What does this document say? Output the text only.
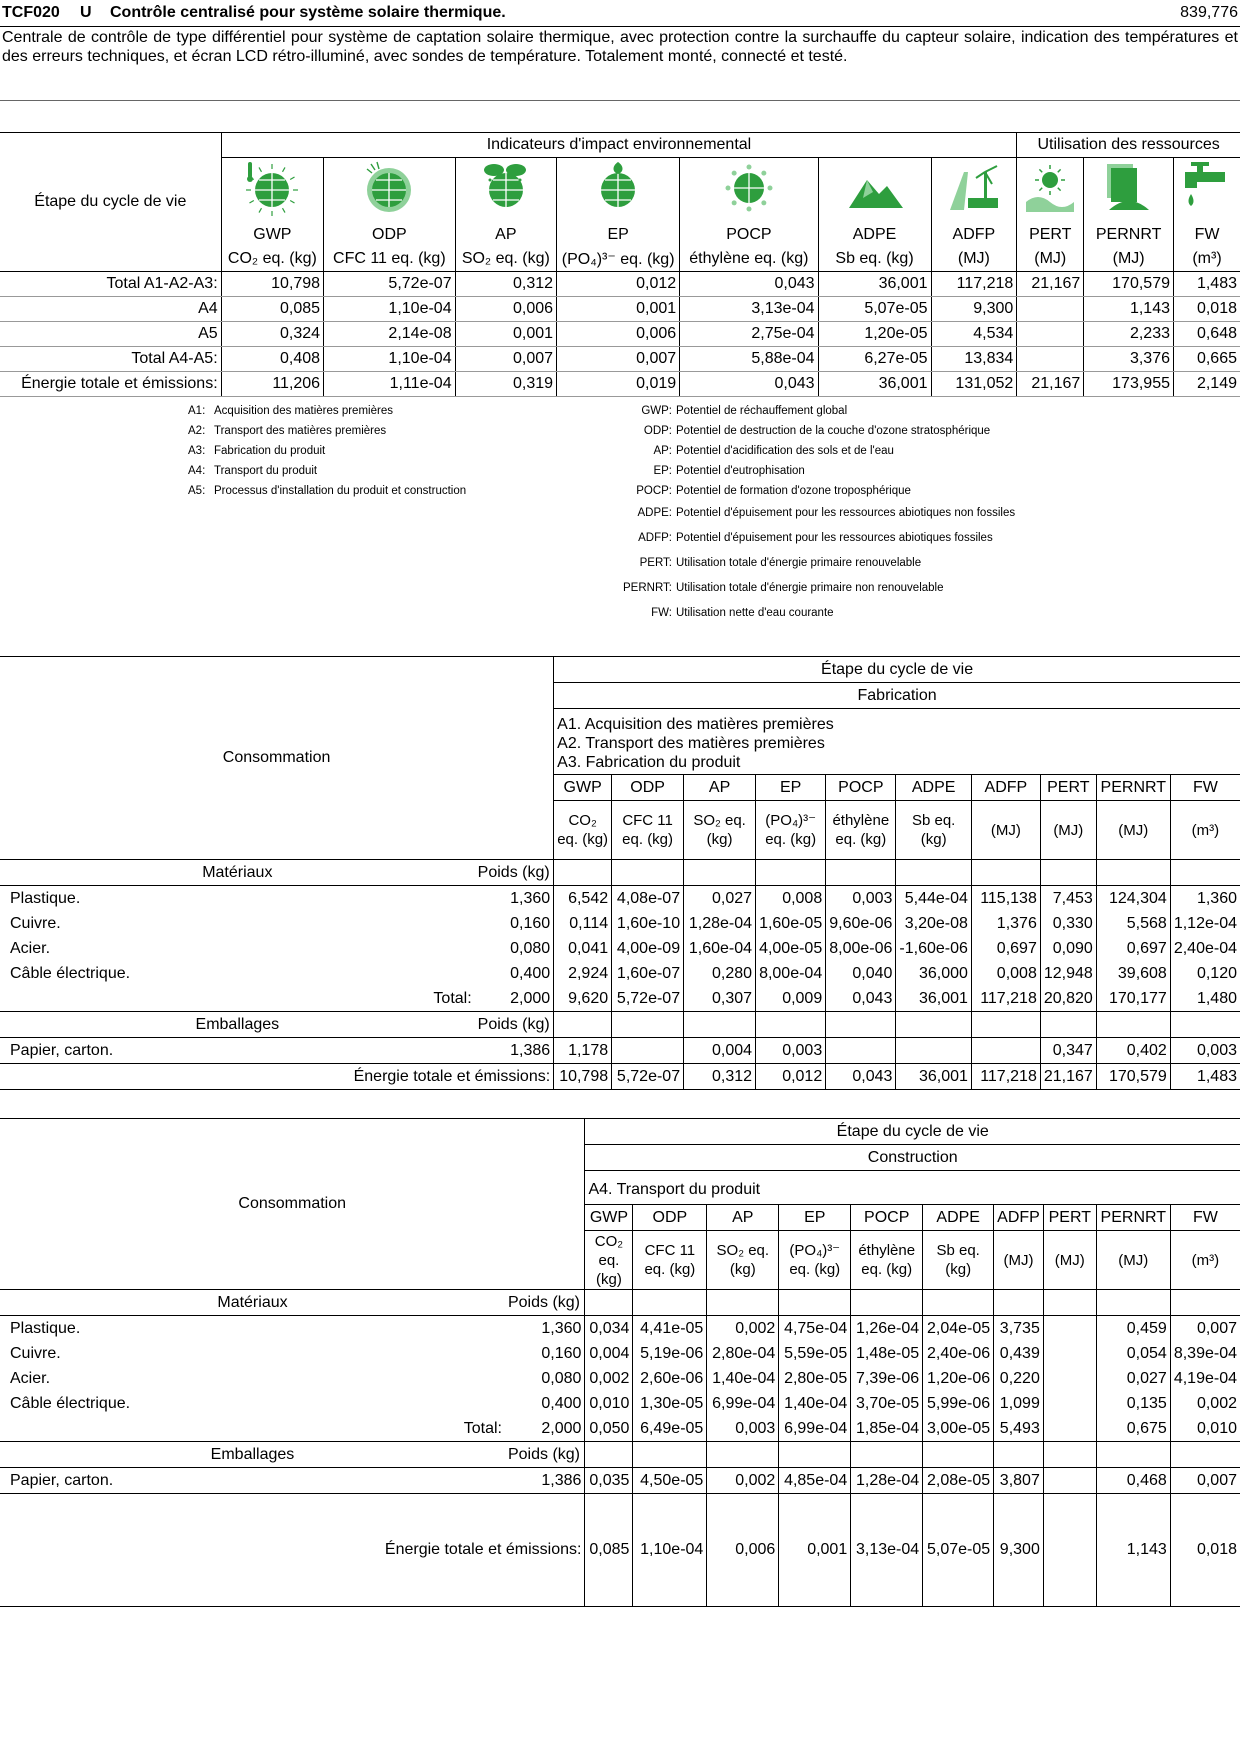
TCF020 U Contrôle centralisé pour système solaire thermique.	839,776
Centrale de contrôle de type différentiel pour système de captation solaire thermique, avec protection contre la surchauffe du capteur solaire, indication des températures et des erreurs techniques, et écran LCD rétro-illuminé, avec sondes de température. Totalement monté, connecté et testé.
Étape du cycle de vie	Indicateurs d'impact environnemental							Utilisation des ressources		

	GWP	ODP	AP	EP	POCP	ADPE	ADFP	PERT	PERNRT	FW
	CO₂ eq. (kg)	CFC 11 eq. (kg)	SO₂ eq. (kg)	(PO₄)³⁻ eq. (kg)	éthylène eq. (kg)	Sb eq. (kg)	(MJ)	(MJ)	(MJ)	(m³)
Total A1-A2-A3:	10,798	5,72e-07	0,312	0,012	0,043	36,001	117,218	21,167	170,579	1,483
A4	0,085	1,10e-04	0,006	0,001	3,13e-04	5,07e-05	9,300		1,143	0,018
A5	0,324	2,14e-08	0,001	0,006	2,75e-04	1,20e-05	4,534		2,233	0,648
Total A4-A5:	0,408	1,10e-04	0,007	0,007	5,88e-04	6,27e-05	13,834		3,376	0,665
Énergie totale et émissions:	11,206	1,11e-04	0,319	0,019	0,043	36,001	131,052	21,167	173,955	2,149
A1: Acquisition des matières premières
A2: Transport des matières premières
A3: Fabrication du produit
A4: Transport du produit
A5: Processus d'installation du produit et construction
GWP: Potentiel de réchauffement global
ODP: Potentiel de destruction de la couche d'ozone stratosphérique
AP: Potentiel d'acidification des sols et de l'eau
EP: Potentiel d'eutrophisation
POCP: Potentiel de formation d'ozone troposphérique
ADPE: Potentiel d'épuisement pour les ressources abiotiques non fossiles
ADFP: Potentiel d'épuisement pour les ressources abiotiques fossiles
PERT: Utilisation totale d'énergie primaire renouvelable
PERNRT: Utilisation totale d'énergie primaire non renouvelable
FW: Utilisation nette d'eau courante
Consommation		Étape du cycle de vie									
		Fabrication									

		A1. Acquisition des matières premières
A2. Transport des matières premières
A3. Fabrication du produit									

		GWP	ODP	AP	EP	POCP	ADPE	ADFP	PERT	PERNRT	FW
		CO₂ eq. (kg)	CFC 11 eq. (kg)	SO₂ eq. (kg)	(PO₄)³⁻ eq. (kg)	éthylène eq. (kg)	Sb eq. (kg)	(MJ)	(MJ)	(MJ)	(m³)
Matériaux	Poids (kg)										
Plastique.	1,360	6,542	4,08e-07	0,027	0,008	0,003	5,44e-04	115,138	7,453	124,304	1,360
Cuivre.	0,160	0,114	1,60e-10	1,28e-04	1,60e-05	9,60e-06	3,20e-08	1,376	0,330	5,568	1,12e-04
Acier.	0,080	0,041	4,00e-09	1,60e-04	4,00e-05	8,00e-06	-1,60e-06	0,697	0,090	0,697	2,40e-04
Câble électrique.	0,400	2,924	1,60e-07	0,280	8,00e-04	0,040	36,000	0,008	12,948	39,608	0,120
Total:	2,000	9,620	5,72e-07	0,307	0,009	0,043	36,001	117,218	20,820	170,177	1,480
Emballages	Poids (kg)										
Papier, carton.	1,386	1,178		0,004	0,003				0,347	0,402	0,003
Énergie totale et émissions:		10,798	5,72e-07	0,312	0,012	0,043	36,001	117,218	21,167	170,579	1,483
Consommation		Étape du cycle de vie									
		Construction									

		A4. Transport du produit									

		GWP	ODP	AP	EP	POCP	ADPE	ADFP	PERT	PERNRT	FW
		CO₂ eq. (kg)	CFC 11 eq. (kg)	SO₂ eq. (kg)	(PO₄)³⁻ eq. (kg)	éthylène eq. (kg)	Sb eq. (kg)	(MJ)	(MJ)	(MJ)	(m³)
Matériaux	Poids (kg)										
Plastique.	1,360	0,034	4,41e-05	0,002	4,75e-04	1,26e-04	2,04e-05	3,735		0,459	0,007
Cuivre.	0,160	0,004	5,19e-06	2,80e-04	5,59e-05	1,48e-05	2,40e-06	0,439		0,054	8,39e-04
Acier.	0,080	0,002	2,60e-06	1,40e-04	2,80e-05	7,39e-06	1,20e-06	0,220		0,027	4,19e-04
Câble électrique.	0,400	0,010	1,30e-05	6,99e-04	1,40e-04	3,70e-05	5,99e-06	1,099		0,135	0,002
Total:	2,000	0,050	6,49e-05	0,003	6,99e-04	1,85e-04	3,00e-05	5,493		0,675	0,010
Emballages	Poids (kg)										
Papier, carton.	1,386	0,035	4,50e-05	0,002	4,85e-04	1,28e-04	2,08e-05	3,807		0,468	0,007
Énergie totale et émissions:		0,085	1,10e-04	0,006	0,001	3,13e-04	5,07e-05	9,300		1,143	0,018
